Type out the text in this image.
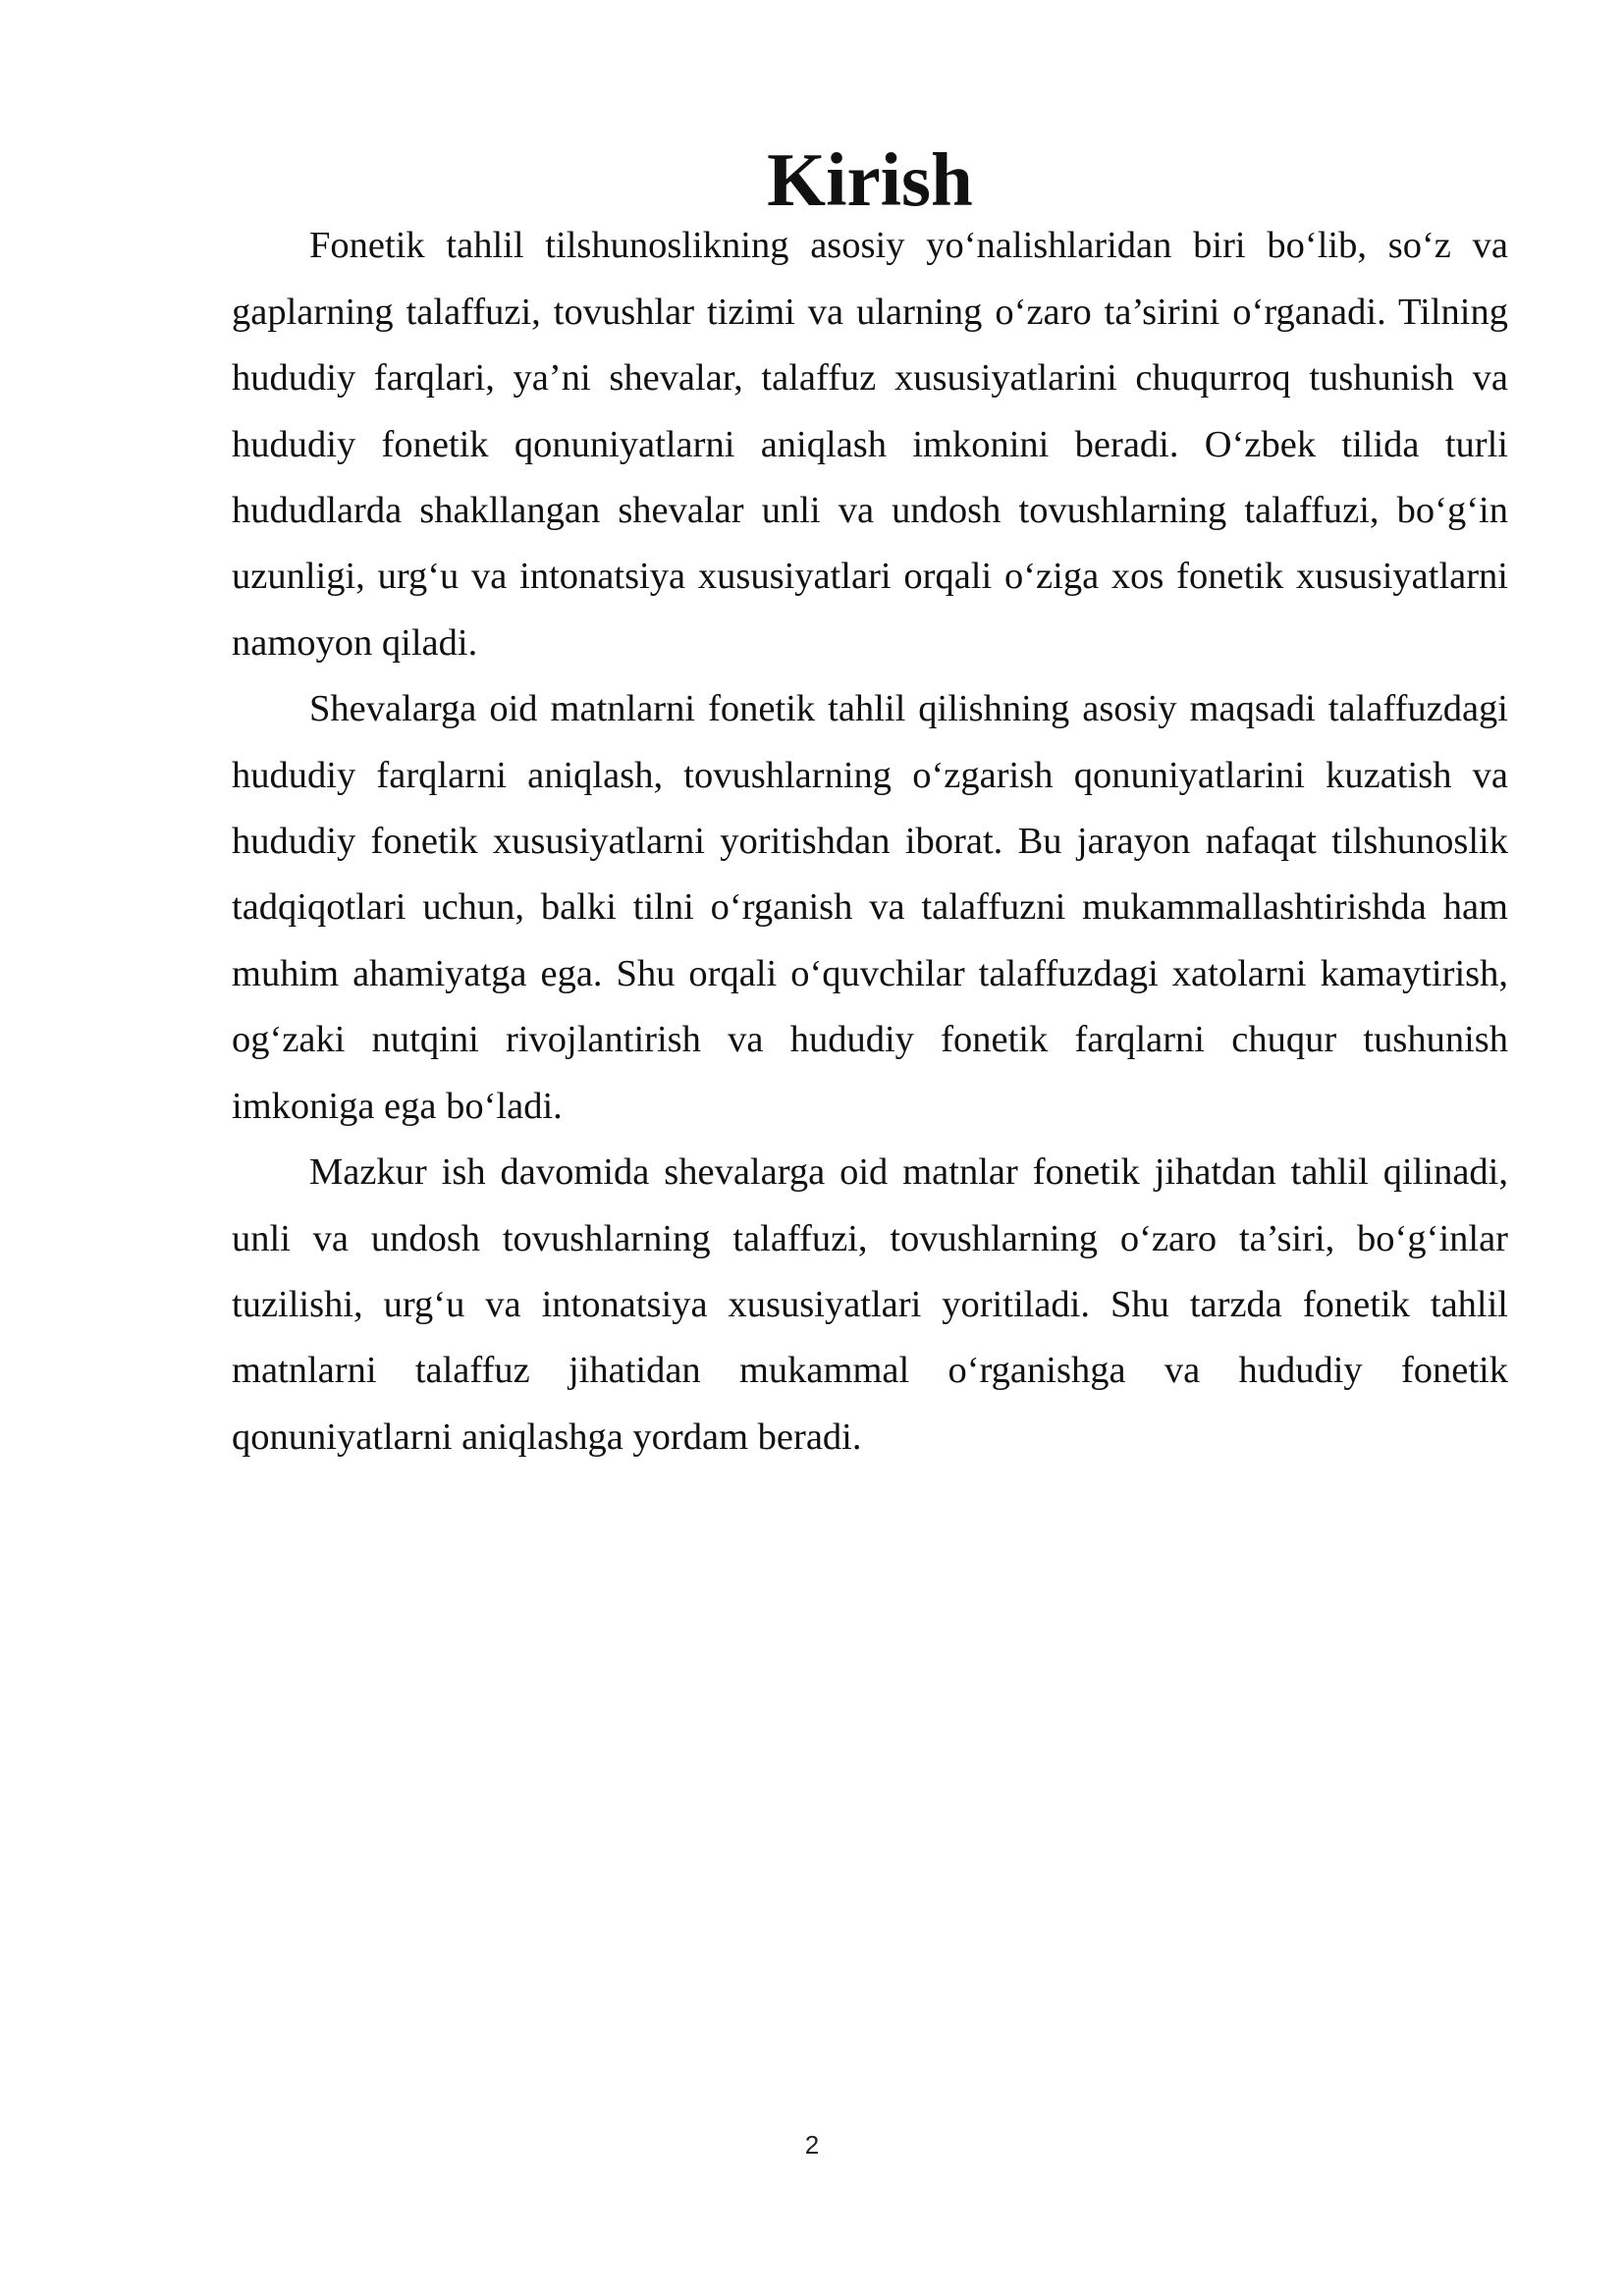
Kirish

Fonetik tahlil tilshunoslikning asosiy yo‘nalishlaridan biri bo‘lib, so‘z va gaplarning talaffuzi, tovushlar tizimi va ularning o‘zaro ta’sirini o‘rganadi. Tilning hududiy farqlari, ya’ni shevalar, talaffuz xususiyatlarini chuqurroq tushunish va hududiy fonetik qonuniyatlarni aniqlash imkonini beradi. O‘zbek tilida turli hududlarda shakllangan shevalar unli va undosh tovushlarning talaffuzi, bo‘g‘in uzunligi, urg‘u va intonatsiya xususiyatlari orqali o‘ziga xos fonetik xususiyatlarni namoyon qiladi.

Shevalarga oid matnlarni fonetik tahlil qilishning asosiy maqsadi talaffuzdagi hududiy farqlarni aniqlash, tovushlarning o‘zgarish qonuniyatlarini kuzatish va hududiy fonetik xususiyatlarni yoritishdan iborat. Bu jarayon nafaqat tilshunoslik tadqiqotlari uchun, balki tilni o‘rganish va talaffuzni mukammallashtirishda ham muhim ahamiyatga ega. Shu orqali o‘quvchilar talaffuzdagi xatolarni kamaytirish, og‘zaki nutqini rivojlantirish va hududiy fonetik farqlarni chuqur tushunish imkoniga ega bo‘ladi.

Mazkur ish davomida shevalarga oid matnlar fonetik jihatdan tahlil qilinadi, unli va undosh tovushlarning talaffuzi, tovushlarning o‘zaro ta’siri, bo‘g‘inlar tuzilishi, urg‘u va intonatsiya xususiyatlari yoritiladi. Shu tarzda fonetik tahlil matnlarni talaffuz jihatidan mukammal o‘rganishga va hududiy fonetik qonuniyatlarni aniqlashga yordam beradi.

2
